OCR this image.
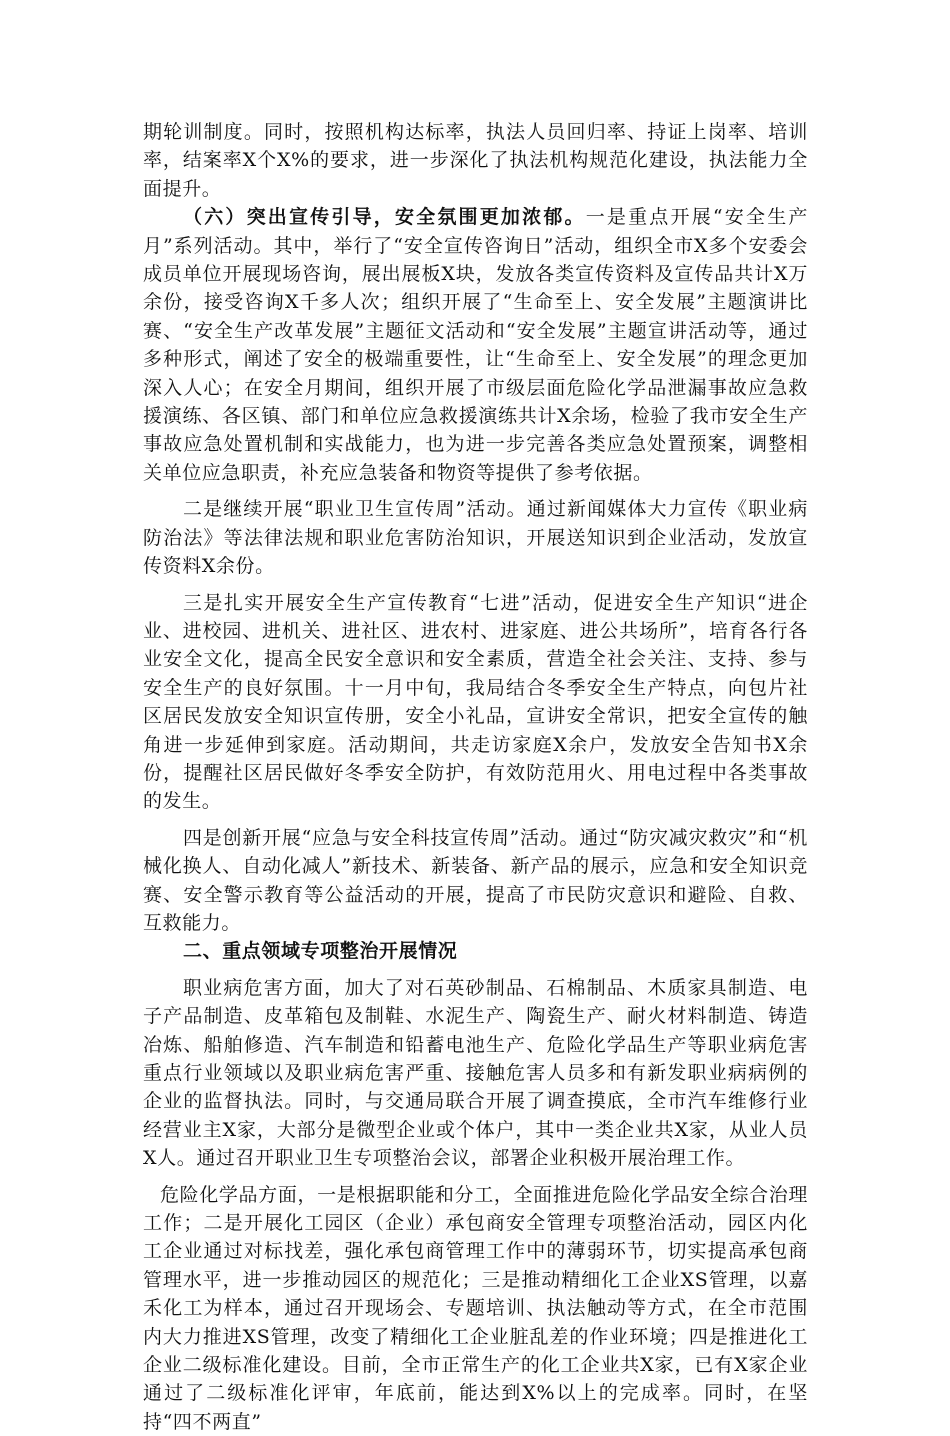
期轮训制度。同时，按照机构达标率，执法人员回归率、持证上岗率、培训率，结案率X个X%的要求，进一步深化了执法机构规范化建设，执法能力全面提升。

（六）突出宣传引导，安全氛围更加浓郁。一是重点开展“安全生产月”系列活动。其中，举行了“安全宣传咨询日”活动，组织全市X多个安委会成员单位开展现场咨询，展出展板X块，发放各类宣传资料及宣传品共计X万余份，接受咨询X千多人次；组织开展了“生命至上、安全发展”主题演讲比赛、“安全生产改革发展”主题征文活动和“安全发展”主题宣讲活动等，通过多种形式，阐述了安全的极端重要性，让“生命至上、安全发展”的理念更加深入人心；在安全月期间，组织开展了市级层面危险化学品泄漏事故应急救援演练、各区镇、部门和单位应急救援演练共计X余场，检验了我市安全生产事故应急处置机制和实战能力，也为进一步完善各类应急处置预案，调整相关单位应急职责，补充应急装备和物资等提供了参考依据。

二是继续开展“职业卫生宣传周”活动。通过新闻媒体大力宣传《职业病防治法》等法律法规和职业危害防治知识，开展送知识到企业活动，发放宣传资料X余份。

三是扎实开展安全生产宣传教育“七进”活动，促进安全生产知识“进企业、进校园、进机关、进社区、进农村、进家庭、进公共场所”，培育各行各业安全文化，提高全民安全意识和安全素质，营造全社会关注、支持、参与安全生产的良好氛围。十一月中旬，我局结合冬季安全生产特点，向包片社区居民发放安全知识宣传册，安全小礼品，宣讲安全常识，把安全宣传的触角进一步延伸到家庭。活动期间，共走访家庭X余户，发放安全告知书X余份，提醒社区居民做好冬季安全防护，有效防范用火、用电过程中各类事故的发生。

四是创新开展“应急与安全科技宣传周”活动。通过“防灾减灾救灾”和“机械化换人、自动化减人”新技术、新装备、新产品的展示，应急和安全知识竞赛、安全警示教育等公益活动的开展，提高了市民防灾意识和避险、自救、互救能力。

二、重点领域专项整治开展情况

职业病危害方面，加大了对石英砂制品、石棉制品、木质家具制造、电子产品制造、皮革箱包及制鞋、水泥生产、陶瓷生产、耐火材料制造、铸造冶炼、船舶修造、汽车制造和铅蓄电池生产、危险化学品生产等职业病危害重点行业领域以及职业病危害严重、接触危害人员多和有新发职业病病例的企业的监督执法。同时，与交通局联合开展了调查摸底，全市汽车维修行业经营业主X家，大部分是微型企业或个体户，其中一类企业共X家，从业人员X人。通过召开职业卫生专项整治会议，部署企业积极开展治理工作。

危险化学品方面，一是根据职能和分工，全面推进危险化学品安全综合治理工作；二是开展化工园区（企业）承包商安全管理专项整治活动，园区内化工企业通过对标找差，强化承包商管理工作中的薄弱环节，切实提高承包商管理水平，进一步推动园区的规范化；三是推动精细化工企业XS管理，以嘉禾化工为样本，通过召开现场会、专题培训、执法触动等方式，在全市范围内大力推进XS管理，改变了精细化工企业脏乱差的作业环境；四是推进化工企业二级标准化建设。目前，全市正常生产的化工企业共X家，已有X家企业通过了二级标准化评审，年底前，能达到X%以上的完成率。同时，在坚持“四不两直”
